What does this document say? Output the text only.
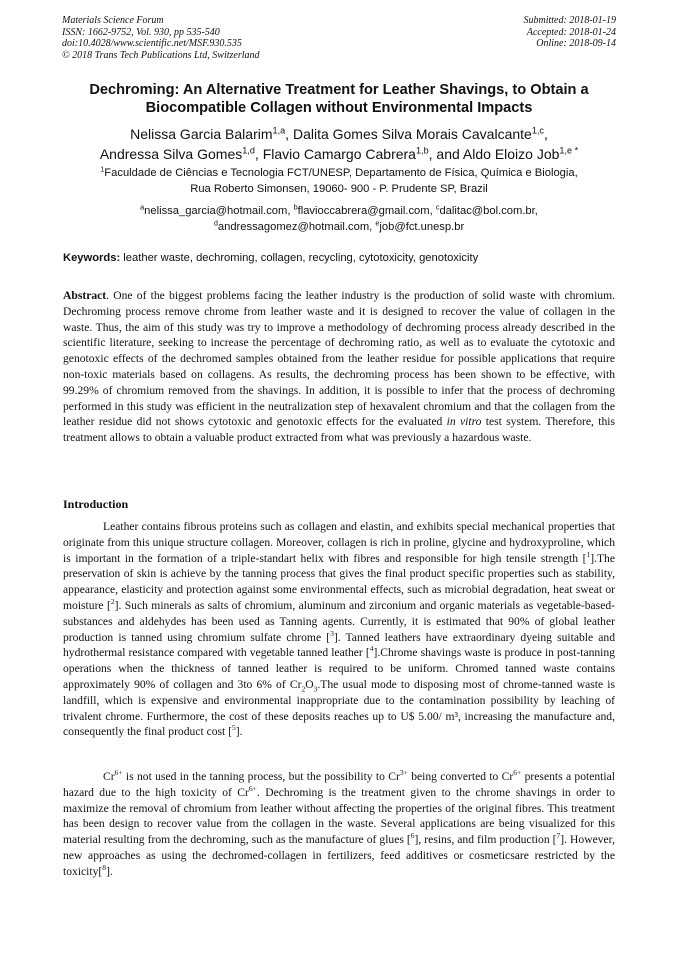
Materials Science Forum
ISSN: 1662-9752, Vol. 930, pp 535-540
doi:10.4028/www.scientific.net/MSF.930.535
© 2018 Trans Tech Publications Ltd, Switzerland
Submitted: 2018-01-19
Accepted: 2018-01-24
Online: 2018-09-14
Dechroming: An Alternative Treatment for Leather Shavings, to Obtain a
Biocompatible Collagen without Environmental Impacts
Nelissa Garcia Balarim$^{1,a}$, Dalita Gomes Silva Morais Cavalcante$^{1,c}$,
Andressa Silva Gomes$^{1,d}$, Flavio Camargo Cabrera$^{1,b}$, and Aldo Eloizo Job$^{1,e *}$
$^1$Faculdade de Ciências e Tecnologia FCT/UNESP, Departamento de Física, Química e Biologia,
Rua Roberto Simonsen, 19060- 900 - P. Prudente SP, Brazil
$^a$nelissa_garcia@hotmail.com, $^b$flavioccabrera@gmail.com, $^c$dalitac@bol.com.br,
$^d$andressagomez@hotmail.com, $^e$job@fct.unesp.br
Keywords: leather waste, dechroming, collagen, recycling, cytotoxicity, genotoxicity

Abstract. One of the biggest problems facing the leather industry is the production of solid waste with chromium. Dechroming process remove chrome from leather waste and it is designed to recover the value of collagen in the waste. Thus, the aim of this study was try to improve a methodology of dechroming process already described in the scientific literature, seeking to increase the percentage of dechroming ratio, as well as to evaluate the cytotoxic and genotoxic effects of the dechromed samples obtained from the leather residue for possible applications that require non-toxic materials based on collagens. As results, the dechroming process has been shown to be effective, with 99.29% of chromium removed from the shavings. In addition, it is possible to infer that the process of dechroming performed in this study was efficient in the neutralization step of hexavalent chromium and that the collagen from the leather residue did not shows cytotoxic and genotoxic effects for the evaluated in vitro test system. Therefore, this treatment allows to obtain a valuable product extracted from what was previously a hazardous waste.

Introduction

Leather contains fibrous proteins such as collagen and elastin, and exhibits special mechanical properties that originate from this unique structure collagen. Moreover, collagen is rich in proline, glycine and hydroxyproline, which is important in the formation of a triple-standart helix with fibres and responsible for high tensile strength [$^1$].The preservation of skin is achieve by the tanning process that gives the final product specific properties such as stability, appearance, elasticity and protection against some environmental effects, such as microbial degradation, heat sweat or moisture [$^2$]. Such minerals as salts of chromium, aluminum and zirconium and organic materials as vegetable-based-substances and aldehydes has been used as Tanning agents. Currently, it is estimated that 90% of global leather production is tanned using chromium sulfate chrome [$^3$]. Tanned leathers have extraordinary dyeing suitable and hydrothermal resistance compared with vegetable tanned leather [$^4$].Chrome shavings waste is produce in post-tanning operations when the thickness of tanned leather is required to be uniform. Chromed tanned waste contains approximately 90% of collagen and 3to 6% of $Cr_2O_3.The$ usual mode to disposing most of chrome-tanned waste is landfill, which is expensive and environmental inappropriate due to the contamination possibility by leaching of trivalent chrome. Furthermore, the cost of these deposits reaches up to U$ 5.00/ m³, increasing the manufacture and, consequently the final product cost [$^5$].

$Cr^{6+}$ is not used in the tanning process, but the possibility to $Cr^{3+}$ being converted to $Cr^{6+}$ presents a potential hazard due to the high toxicity of $Cr^{6+}$. Dechroming is the treatment given to the chrome shavings in order to maximize the removal of chromium from leather without affecting the properties of the original fibres. This treatment has been design to recover value from the collagen in the waste. Several applications are being visualized for this material resulting from the dechroming, such as the manufacture of glues [$^6$], resins, and film production [$^7$]. However, new approaches as using the dechromed-collagen in fertilizers, feed additives or cosmeticsare restricted by the toxicity[$^8$].
